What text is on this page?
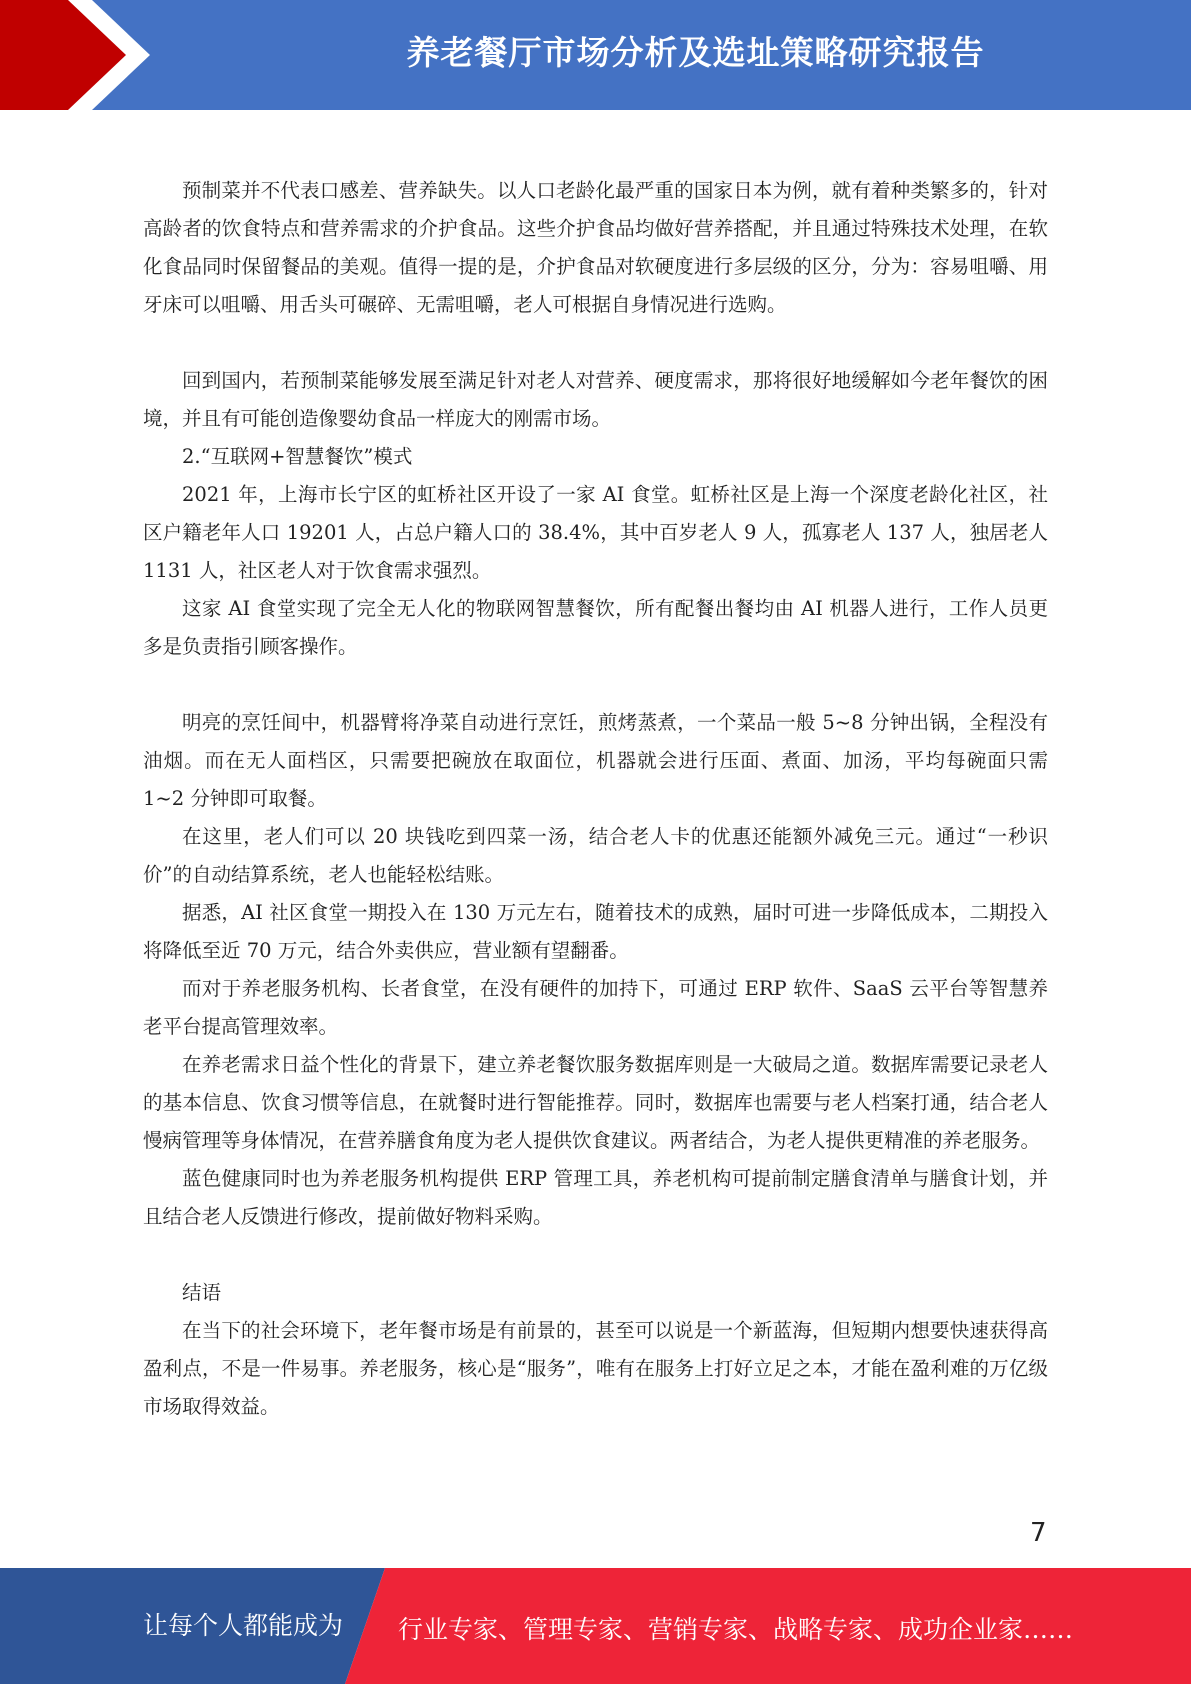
养老餐厅市场分析及选址策略研究报告

预制菜并不代表口感差、营养缺失。以人口老龄化最严重的国家日本为例，就有着种类繁多的，针对高龄者的饮食特点和营养需求的介护食品。这些介护食品均做好营养搭配，并且通过特殊技术处理，在软化食品同时保留餐品的美观。值得一提的是，介护食品对软硬度进行多层级的区分，分为：容易咀嚼、用牙床可以咀嚼、用舌头可碾碎、无需咀嚼，老人可根据自身情况进行选购。

回到国内，若预制菜能够发展至满足针对老人对营养、硬度需求，那将很好地缓解如今老年餐饮的困境，并且有可能创造像婴幼食品一样庞大的刚需市场。

2.“互联网+智慧餐饮”模式

2021 年，上海市长宁区的虹桥社区开设了一家 AI 食堂。虹桥社区是上海一个深度老龄化社区，社区户籍老年人口 19201 人，占总户籍人口的 38.4%，其中百岁老人 9 人，孤寡老人 137 人，独居老人 1131 人，社区老人对于饮食需求强烈。

这家 AI 食堂实现了完全无人化的物联网智慧餐饮，所有配餐出餐均由 AI 机器人进行，工作人员更多是负责指引顾客操作。

明亮的烹饪间中，机器臂将净菜自动进行烹饪，煎烤蒸煮，一个菜品一般 5~8 分钟出锅，全程没有油烟。而在无人面档区，只需要把碗放在取面位，机器就会进行压面、煮面、加汤，平均每碗面只需 1~2 分钟即可取餐。

在这里，老人们可以 20 块钱吃到四菜一汤，结合老人卡的优惠还能额外减免三元。通过“一秒识价”的自动结算系统，老人也能轻松结账。

据悉，AI 社区食堂一期投入在 130 万元左右，随着技术的成熟，届时可进一步降低成本，二期投入将降低至近 70 万元，结合外卖供应，营业额有望翻番。

而对于养老服务机构、长者食堂，在没有硬件的加持下，可通过 ERP 软件、SaaS 云平台等智慧养老平台提高管理效率。

在养老需求日益个性化的背景下，建立养老餐饮服务数据库则是一大破局之道。数据库需要记录老人的基本信息、饮食习惯等信息，在就餐时进行智能推荐。同时，数据库也需要与老人档案打通，结合老人慢病管理等身体情况，在营养膳食角度为老人提供饮食建议。两者结合，为老人提供更精准的养老服务。

蓝色健康同时也为养老服务机构提供 ERP 管理工具，养老机构可提前制定膳食清单与膳食计划，并且结合老人反馈进行修改，提前做好物料采购。

结语

在当下的社会环境下，老年餐市场是有前景的，甚至可以说是一个新蓝海，但短期内想要快速获得高盈利点，不是一件易事。养老服务，核心是“服务”，唯有在服务上打好立足之本，才能在盈利难的万亿级市场取得效益。

7
让每个人都能成为 行业专家、管理专家、营销专家、战略专家、成功企业家……
